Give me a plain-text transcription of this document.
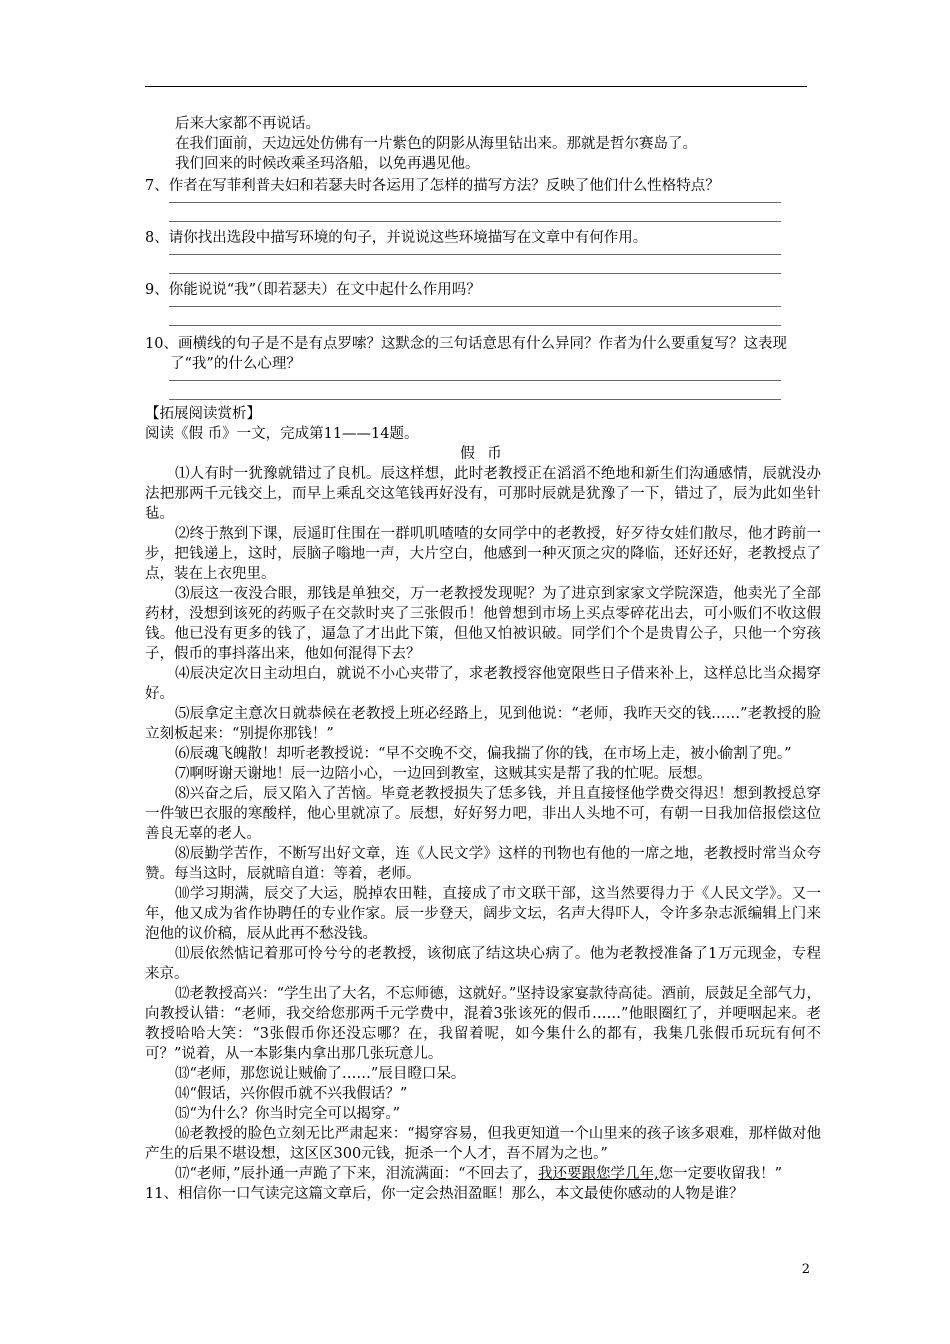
后来大家都不再说话。

在我们面前，天边远处仿佛有一片紫色的阴影从海里钻出来。那就是哲尔赛岛了。

我们回来的时候改乘圣玛洛船，以免再遇见他。

7、作者在写菲利普夫妇和若瑟夫时各运用了怎样的描写方法？反映了他们什么性格特点？

8、请你找出选段中描写环境的句子，并说说这些环境描写在文章中有何作用。

9、你能说说“我”（即若瑟夫）在文中起什么作用吗？

10、画横线的句子是不是有点罗嗦？这默念的三句话意思有什么异同？作者为什么要重复写？这表现了“我”的什么心理？

【拓展阅读赏析】

阅读《假 币》一文，完成第11——14题。

假 币

⑴人有时一犹豫就错过了良机。辰这样想，此时老教授正在滔滔不绝地和新生们沟通感情，辰就没办法把那两千元钱交上，而早上乘乱交这笔钱再好没有，可那时辰就是犹豫了一下，错过了，辰为此如坐针毡。

⑵终于熬到下课，辰遥盯住围在一群叽叽喳喳的女同学中的老教授，好歹待女娃们散尽，他才跨前一步，把钱递上，这时，辰脑子嗡地一声，大片空白，他感到一种灭顶之灾的降临，还好还好，老教授点了点，装在上衣兜里。

⑶辰这一夜没合眼，那钱是单独交，万一老教授发现呢？为了进京到家家文学院深造，他卖光了全部药材，没想到该死的药贩子在交款时夹了三张假币！他曾想到市场上买点零碎花出去，可小贩们不收这假钱。他已没有更多的钱了，逼急了才出此下策，但他又怕被识破。同学们个个是贵胄公子，只他一个穷孩子，假币的事抖落出来，他如何混得下去？

⑷辰决定次日主动坦白，就说不小心夹带了，求老教授容他宽限些日子借来补上，这样总比当众揭穿好。

⑸辰拿定主意次日就恭候在老教授上班必经路上，见到他说：“老师，我昨天交的钱……”老教授的脸立刻板起来：“别提你那钱！”

⑹辰魂飞魄散！却听老教授说：“早不交晚不交，偏我揣了你的钱，在市场上走，被小偷割了兜。”

⑺啊呀谢天谢地！辰一边陪小心，一边回到教室，这贼其实是帮了我的忙呢。辰想。

⑻兴奋之后，辰又陷入了苦恼。毕竟老教授损失了恁多钱，并且直接怪他学费交得迟！想到教授总穿一件皱巴衣服的寒酸样，他心里就凉了。辰想，好好努力吧，非出人头地不可，有朝一日我加倍报偿这位善良无辜的老人。

⑻辰勤学苦作，不断写出好文章，连《人民文学》这样的刊物也有他的一席之地，老教授时常当众夸赞。每当这时，辰就暗自道：等着，老师。

⑽学习期满，辰交了大运，脱掉农田鞋，直接成了市文联干部，这当然要得力于《人民文学》。又一年，他又成为省作协聘任的专业作家。辰一步登天，阔步文坛，名声大得吓人，令许多杂志派编辑上门来泡他的议价稿，辰从此再不愁没钱。

⑾辰依然惦记着那可怜兮兮的老教授，该彻底了结这块心病了。他为老教授准备了1万元现金，专程来京。

⑿老教授高兴：“学生出了大名，不忘师德，这就好。”坚持设家宴款待高徒。酒前，辰鼓足全部气力，向教授认错：“老师，我交给您那两千元学费中，混着3张该死的假币……”他眼圈红了，并哽咽起来。老教授哈哈大笑：“3张假币你还没忘哪？在，我留着呢，如今集什么的都有，我集几张假币玩玩有何不可？”说着，从一本影集内拿出那几张玩意儿。

⒀“老师，那您说让贼偷了……”辰目瞪口呆。

⒁“假话，兴你假币就不兴我假话？”

⒂“为什么？你当时完全可以揭穿。”

⒃老教授的脸色立刻无比严肃起来：“揭穿容易，但我更知道一个山里来的孩子该多艰难，那样做对他产生的后果不堪设想，这区区300元钱，扼杀一个人才，吾不屑为之也。”

⒄“老师，”辰扑通一声跪了下来，泪流满面：“不回去了，我还要跟您学几年,您一定要收留我！”

11、相信你一口气读完这篇文章后，你一定会热泪盈眶！那么，本文最使你感动的人物是谁？

2
